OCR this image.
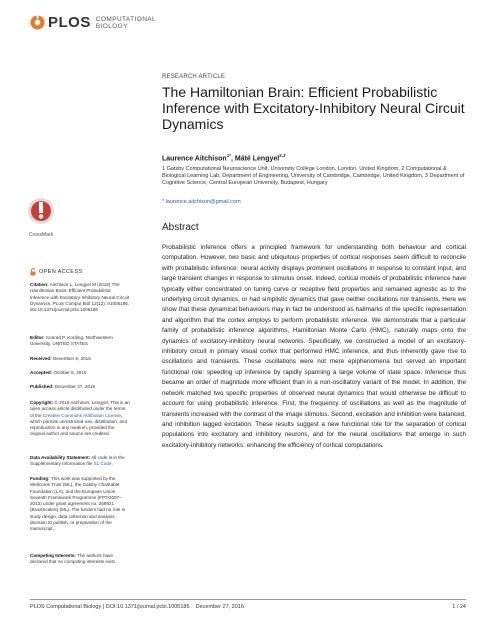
PLOS COMPUTATIONAL
BIOLOGY
RESEARCH ARTICLE
The Hamiltonian Brain: Efficient Probabilistic Inference with Excitatory-Inhibitory Neural Circuit Dynamics
Laurence Aitchison$^{1*}$, Máté Lengyel$^{2,3}$
1 Gatsby Computational Neuroscience Unit, University College London, London, United Kingdom, 2 Computational & Biological Learning Lab, Department of Engineering, University of Cambridge, Cambridge, United Kingdom, 3 Department of Cognitive Science, Central European University, Budapest, Hungary
* laurence.aitchison@gmail.com
Abstract

Probabilistic inference offers a principled framework for understanding both behaviour and cortical computation. However, two basic and ubiquitous properties of cortical responses seem difficult to reconcile with probabilistic inference: neural activity displays prominent oscillations in response to constant input, and large transient changes in response to stimulus onset. Indeed, cortical models of probabilistic inference have typically either concentrated on tuning curve or receptive field properties and remained agnostic as to the underlying circuit dynamics, or had simplistic dynamics that gave neither oscillations nor transients. Here we show that these dynamical behaviours may in fact be understood as hallmarks of the specific representation and algorithm that the cortex employs to perform probabilistic inference. We demonstrate that a particular family of probabilistic inference algorithms, Hamiltonian Monte Carlo (HMC), naturally maps onto the dynamics of excitatory-inhibitory neural networks. Specifically, we constructed a model of an excitatory-inhibitory circuit in primary visual cortex that performed HMC inference, and thus inherently gave rise to oscillations and transients. These oscillations were not mere epiphenomena but served an important functional role: speeding up inference by rapidly spanning a large volume of state space. Inference thus became an order of magnitude more efficient than in a non-oscillatory variant of the model. In addition, the network matched two specific properties of observed neural dynamics that would otherwise be difficult to account for using probabilistic inference. First, the frequency of oscillations as well as the magnitude of transients increased with the contrast of the image stimulus. Second, excitation and inhibition were balanced, and inhibition lagged excitation. These results suggest a new functional role for the separation of cortical populations into excitatory and inhibitory neurons, and for the neural oscillations that emerge in such excitatory-inhibitory networks: enhancing the efficiency of cortical computations.

CrossMark
OPEN ACCESS
Citation: Aitchison L, Lengyel M (2016) The Hamiltonian Brain: Efficient Probabilistic Inference with Excitatory-Inhibitory Neural Circuit Dynamics. PLoS Comput Biol 12(12): e1005186. doi:10.1371/journal.pcbi.1005186
Editor: Konrad P. Kording, Northwestern University, UNITED STATES
Received: December 6, 2015
Accepted: October 6, 2016
Published: December 27, 2016
Copyright: © 2016 Aitchison, Lengyel. This is an open access article distributed under the terms of the Creative Commons Attribution License, which permits unrestricted use, distribution, and reproduction in any medium, provided the original author and source are credited.
Data Availability Statement: All code is in the Supplementary Information file S1 Code.
Funding: This work was supported by the Wellcome Trust (ML), the Gatsby Charitable Foundation (LA), and the European Union Seventh Framework Programme (FP7/2007–2013) under grant agreement no. 269921 (BrainScaleS) (ML). The funders had no role in study design, data collection and analysis, decision to publish, or preparation of the manuscript.
Competing Interests: The authors have declared that no competing interests exist.
PLOS Computational Biology | DOI:10.1371/journal.pcbi.1005186    December 27, 2016	1 / 24
